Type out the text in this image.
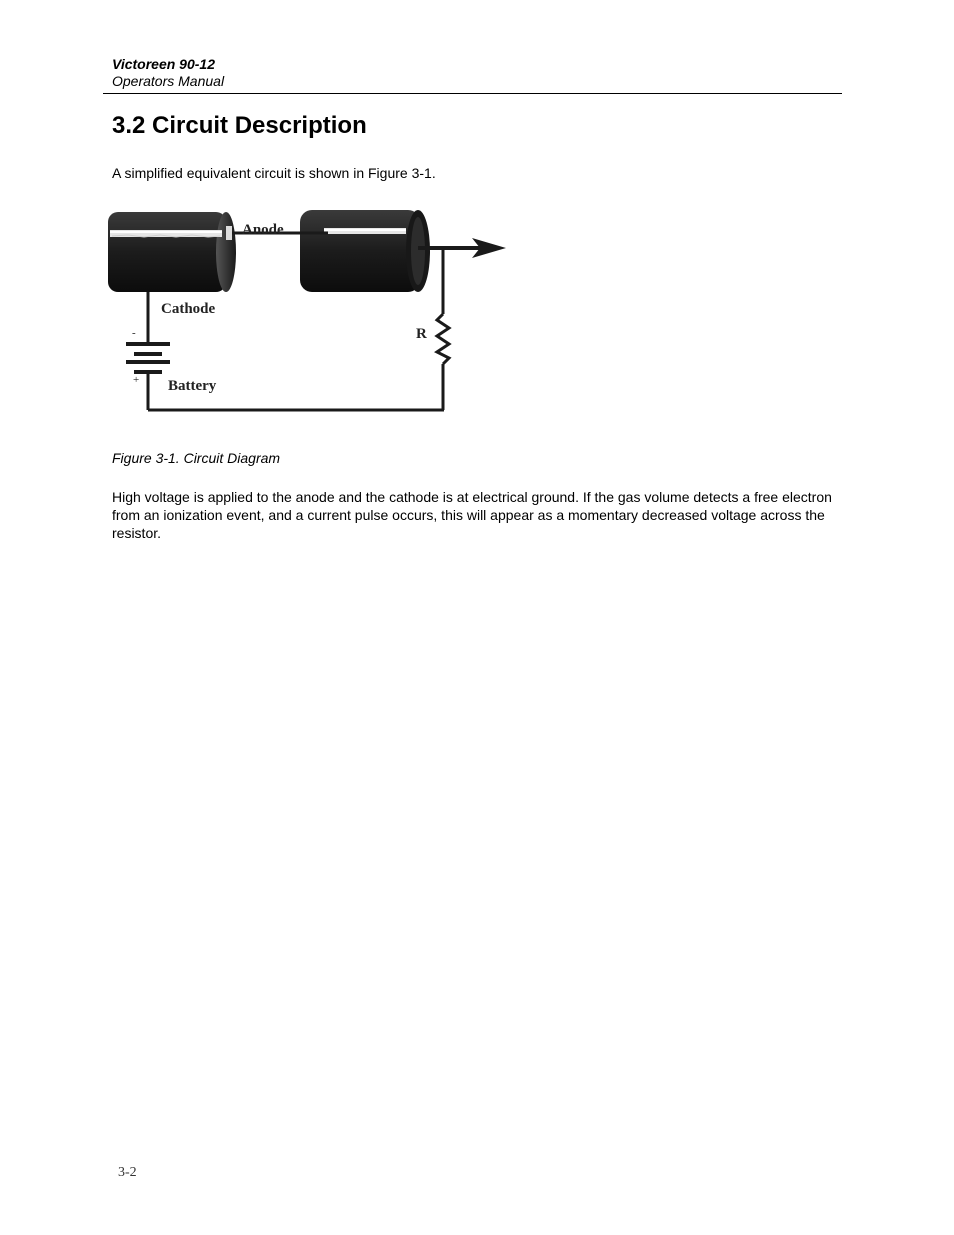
Victoreen 90-12
Operators Manual
3.2 Circuit Description
A simplified equivalent circuit is shown in Figure 3-1.
Anode
Cathode
R
Battery
-
+
Figure 3-1. Circuit Diagram

High voltage is applied to the anode and the cathode is at electrical ground. If the gas volume detects a free electron from an ionization event, and a current pulse occurs, this will appear as a momentary decreased voltage across the resistor.

3-2
